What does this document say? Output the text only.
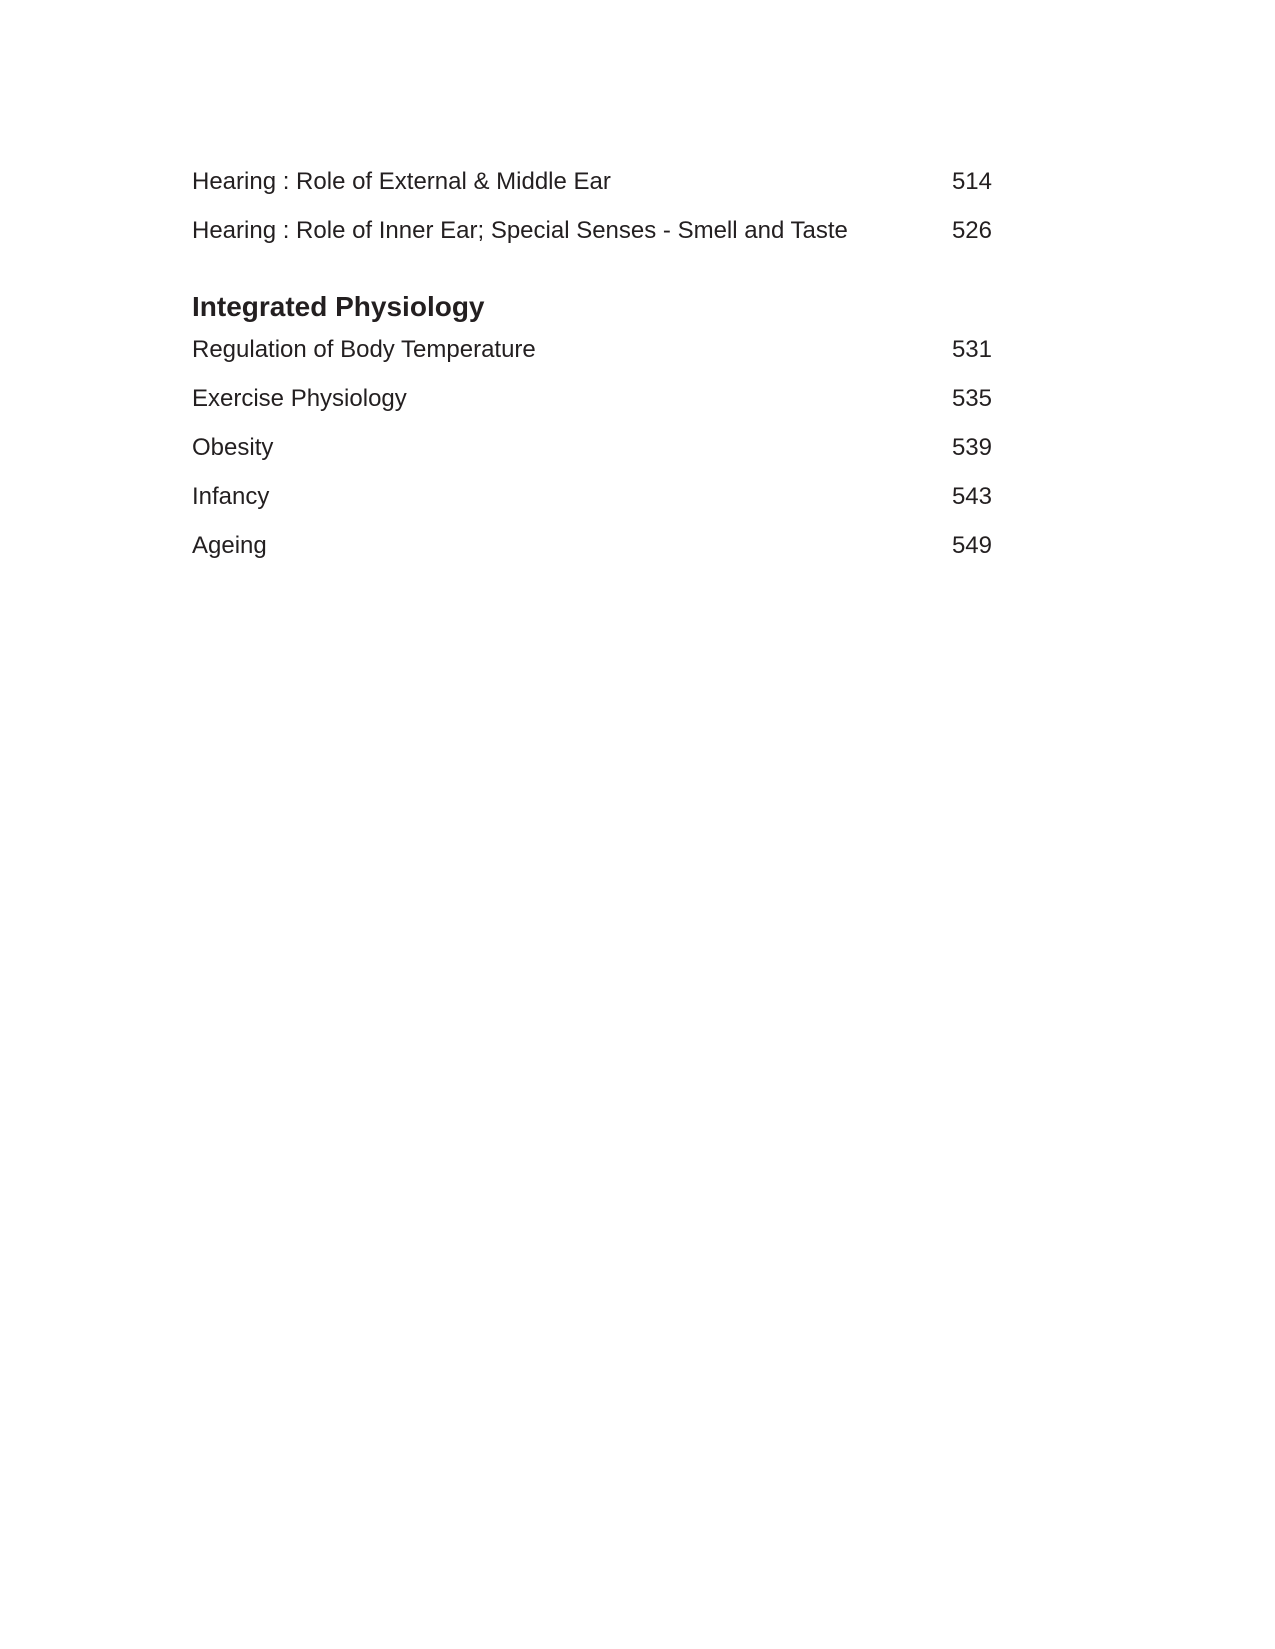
Hearing : Role of External & Middle Ear	514
Hearing : Role of Inner Ear; Special Senses - Smell and Taste	526
Integrated Physiology
Regulation of Body Temperature	531
Exercise Physiology	535
Obesity	539
Infancy	543
Ageing	549
